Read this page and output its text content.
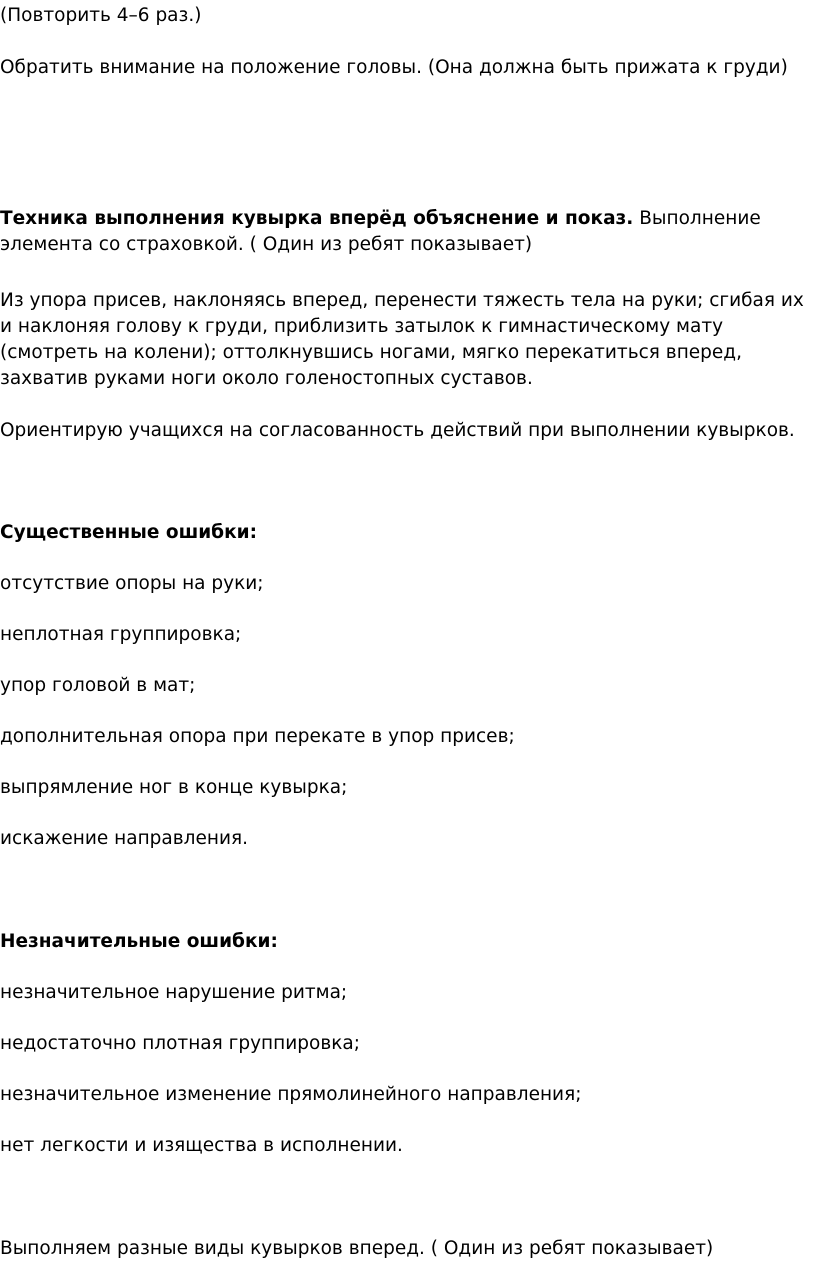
(Повторить 4–6 раз.)
Обратить внимание на положение головы. (Она должна быть прижата к груди)
Техника выполнения кувырка вперёд объяснение и показ. Выполнение элемента со страховкой. ( Один из ребят показывает)
Из упора присев, наклоняясь вперед, перенести тяжесть тела на руки; сгибая их и наклоняя голову к груди, приблизить затылок к гимнастическому мату (смотреть на колени); оттолкнувшись ногами, мягко перекатиться вперед, захватив руками ноги около голеностопных суставов.
Ориентирую учащихся на согласованность действий при выполнении кувырков.
Существенные ошибки:
отсутствие опоры на руки;
неплотная группировка;
упор головой в мат;
дополнительная опора при перекате в упор присев;
выпрямление ног в конце кувырка;
искажение направления.
Незначительные ошибки:
незначительное нарушение ритма;
недостаточно плотная группировка;
незначительное изменение прямолинейного направления;
нет легкости и изящества в исполнении.
Выполняем разные виды кувырков вперед. ( Один из ребят показывает)
